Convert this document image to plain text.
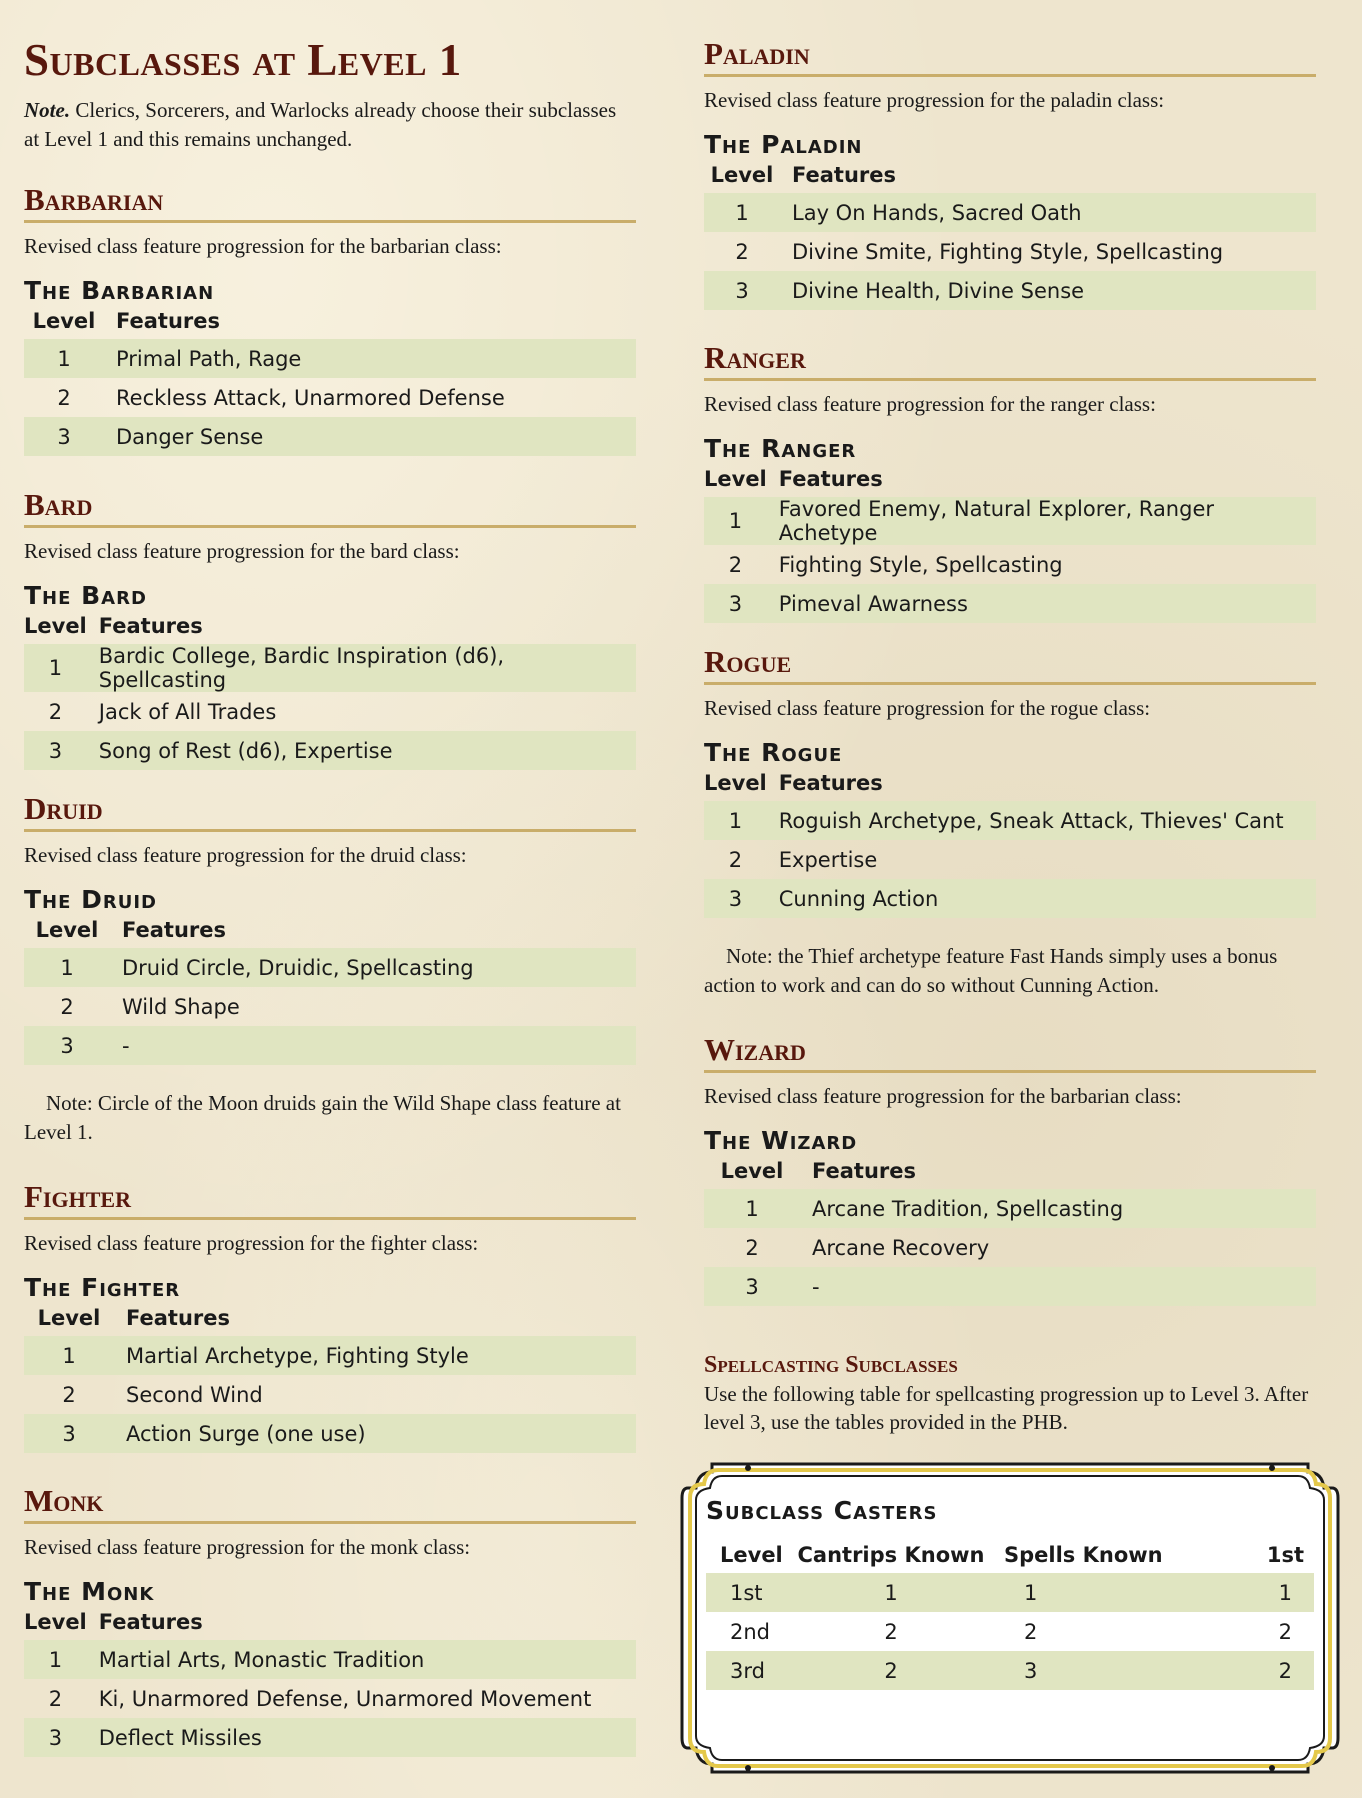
Subclasses at Level 1

Note. Clerics, Sorcerers, and Warlocks already choose their subclasses at Level 1 and this remains unchanged.

Barbarian

Revised class feature progression for the barbarian class:

The Barbarian
Level	Features
1	Primal Path, Rage
2	Reckless Attack, Unarmored Defense
3	Danger Sense
Bard

Revised class feature progression for the bard class:

The Bard
Level	Features
1	Bardic College, Bardic Inspiration (d6), Spellcasting
2	Jack of All Trades
3	Song of Rest (d6), Expertise
Druid

Revised class feature progression for the druid class:

The Druid
Level	Features
1	Druid Circle, Druidic, Spellcasting
2	Wild Shape
3	-

Note: Circle of the Moon druids gain the Wild Shape class feature at Level 1.

Fighter

Revised class feature progression for the fighter class:

The Fighter
Level	Features
1	Martial Archetype, Fighting Style
2	Second Wind
3	Action Surge (one use)
Monk

Revised class feature progression for the monk class:

The Monk
Level	Features
1	Martial Arts, Monastic Tradition
2	Ki, Unarmored Defense, Unarmored Movement
3	Deflect Missiles
Paladin

Revised class feature progression for the paladin class:

The Paladin
Level	Features
1	Lay On Hands, Sacred Oath
2	Divine Smite, Fighting Style, Spellcasting
3	Divine Health, Divine Sense
Ranger

Revised class feature progression for the ranger class:

The Ranger
Level	Features
1	Favored Enemy, Natural Explorer, Ranger Achetype
2	Fighting Style, Spellcasting
3	Pimeval Awarness
Rogue

Revised class feature progression for the rogue class:

The Rogue
Level	Features
1	Roguish Archetype, Sneak Attack, Thieves' Cant
2	Expertise
3	Cunning Action

Note: the Thief archetype feature Fast Hands simply uses a bonus action to work and can do so without Cunning Action.

Wizard

Revised class feature progression for the barbarian class:

The Wizard
Level	Features
1	Arcane Tradition, Spellcasting
2	Arcane Recovery
3	-
Spellcasting Subclasses

Use the following table for spellcasting progression up to Level 3. After level 3, use the tables provided in the PHB.

Subclass Casters
Level	Cantrips Known	Spells Known	1st
1st	1	1	1
2nd	2	2	2
3rd	2	3	2
